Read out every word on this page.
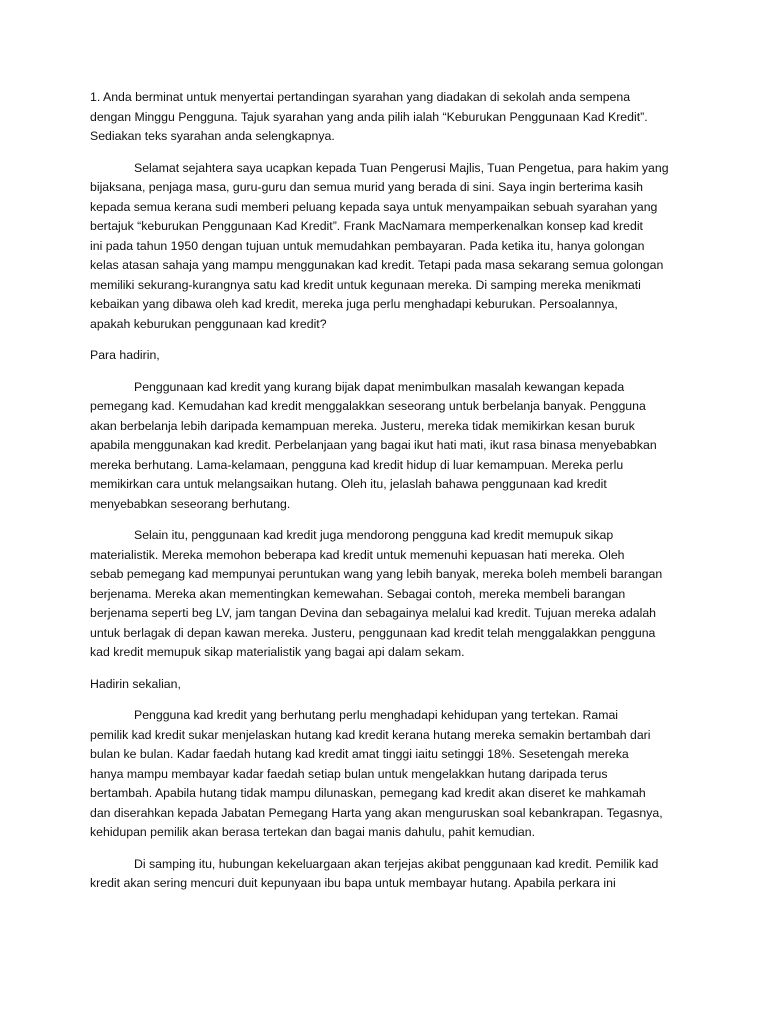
1. Anda berminat untuk menyertai pertandingan syarahan yang diadakan di sekolah anda sempena
dengan Minggu Pengguna. Tajuk syarahan yang anda pilih ialah “Keburukan Penggunaan Kad Kredit”.
Sediakan teks syarahan anda selengkapnya.

Selamat sejahtera saya ucapkan kepada Tuan Pengerusi Majlis, Tuan Pengetua, para hakim yang
bijaksana, penjaga masa, guru-guru dan semua murid yang berada di sini. Saya ingin berterima kasih
kepada semua kerana sudi memberi peluang kepada saya untuk menyampaikan sebuah syarahan yang
bertajuk “keburukan Penggunaan Kad Kredit”. Frank MacNamara memperkenalkan konsep kad kredit
ini pada tahun 1950 dengan tujuan untuk memudahkan pembayaran. Pada ketika itu, hanya golongan
kelas atasan sahaja yang mampu menggunakan kad kredit. Tetapi pada masa sekarang semua golongan
memiliki sekurang-kurangnya satu kad kredit untuk kegunaan mereka. Di samping mereka menikmati
kebaikan yang dibawa oleh kad kredit, mereka juga perlu menghadapi keburukan. Persoalannya,
apakah keburukan penggunaan kad kredit?

Para hadirin,

Penggunaan kad kredit yang kurang bijak dapat menimbulkan masalah kewangan kepada
pemegang kad. Kemudahan kad kredit menggalakkan seseorang untuk berbelanja banyak. Pengguna
akan berbelanja lebih daripada kemampuan mereka. Justeru, mereka tidak memikirkan kesan buruk
apabila menggunakan kad kredit. Perbelanjaan yang bagai ikut hati mati, ikut rasa binasa menyebabkan
mereka berhutang. Lama-kelamaan, pengguna kad kredit hidup di luar kemampuan. Mereka perlu
memikirkan cara untuk melangsaikan hutang. Oleh itu, jelaslah bahawa penggunaan kad kredit
menyebabkan seseorang berhutang.

Selain itu, penggunaan kad kredit juga mendorong pengguna kad kredit memupuk sikap
materialistik. Mereka memohon beberapa kad kredit untuk memenuhi kepuasan hati mereka. Oleh
sebab pemegang kad mempunyai peruntukan wang yang lebih banyak, mereka boleh membeli barangan
berjenama. Mereka akan mementingkan kemewahan. Sebagai contoh, mereka membeli barangan
berjenama seperti beg LV, jam tangan Devina dan sebagainya melalui kad kredit. Tujuan mereka adalah
untuk berlagak di depan kawan mereka. Justeru, penggunaan kad kredit telah menggalakkan pengguna
kad kredit memupuk sikap materialistik yang bagai api dalam sekam.

Hadirin sekalian,

Pengguna kad kredit yang berhutang perlu menghadapi kehidupan yang tertekan. Ramai
pemilik kad kredit sukar menjelaskan hutang kad kredit kerana hutang mereka semakin bertambah dari
bulan ke bulan. Kadar faedah hutang kad kredit amat tinggi iaitu setinggi 18%. Sesetengah mereka
hanya mampu membayar kadar faedah setiap bulan untuk mengelakkan hutang daripada terus
bertambah. Apabila hutang tidak mampu dilunaskan, pemegang kad kredit akan diseret ke mahkamah
dan diserahkan kepada Jabatan Pemegang Harta yang akan menguruskan soal kebankrapan. Tegasnya,
kehidupan pemilik akan berasa tertekan dan bagai manis dahulu, pahit kemudian.

Di samping itu, hubungan kekeluargaan akan terjejas akibat penggunaan kad kredit. Pemilik kad
kredit akan sering mencuri duit kepunyaan ibu bapa untuk membayar hutang. Apabila perkara ini
